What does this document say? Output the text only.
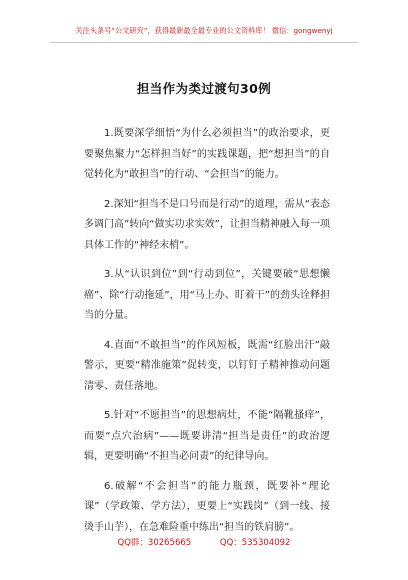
关注头条号“公文研究”，获得最新最全最专业的公文资料库！ 微信：gongwenyj
担当作为类过渡句30例

1.既要深学细悟“为什么必须担当”的政治要求，更要聚焦聚力“怎样担当好”的实践课题，把“想担当”的自觉转化为“敢担当”的行动、“会担当”的能力。

2.深知“担当不是口号而是行动”的道理，需从“表态多调门高”转向“做实功求实效”，让担当精神融入每一项具体工作的“神经末梢”。

3.从“认识到位”到“行动到位”，关键要破“思想懒癌”、除“行动拖延”，用“马上办、盯着干”的劲头诠释担当的分量。

4.直面“不敢担当”的作风短板，既需“红脸出汗”敲警示，更要“精准施策”促转变，以钉钉子精神推动问题清零、责任落地。

5.针对“不愿担当”的思想病灶，不能“隔靴搔痒”，而要“点穴治病”——既要讲清“担当是责任”的政治逻辑，更要明确“不担当必问责”的纪律导向。

6.破解“不会担当”的能力瓶颈，既要补“理论课”（学政策、学方法），更要上“实践岗”（到一线、接烫手山芋），在急难险重中练出“担当的铁肩膀”。

QQ群：30265665	QQ：535304092
